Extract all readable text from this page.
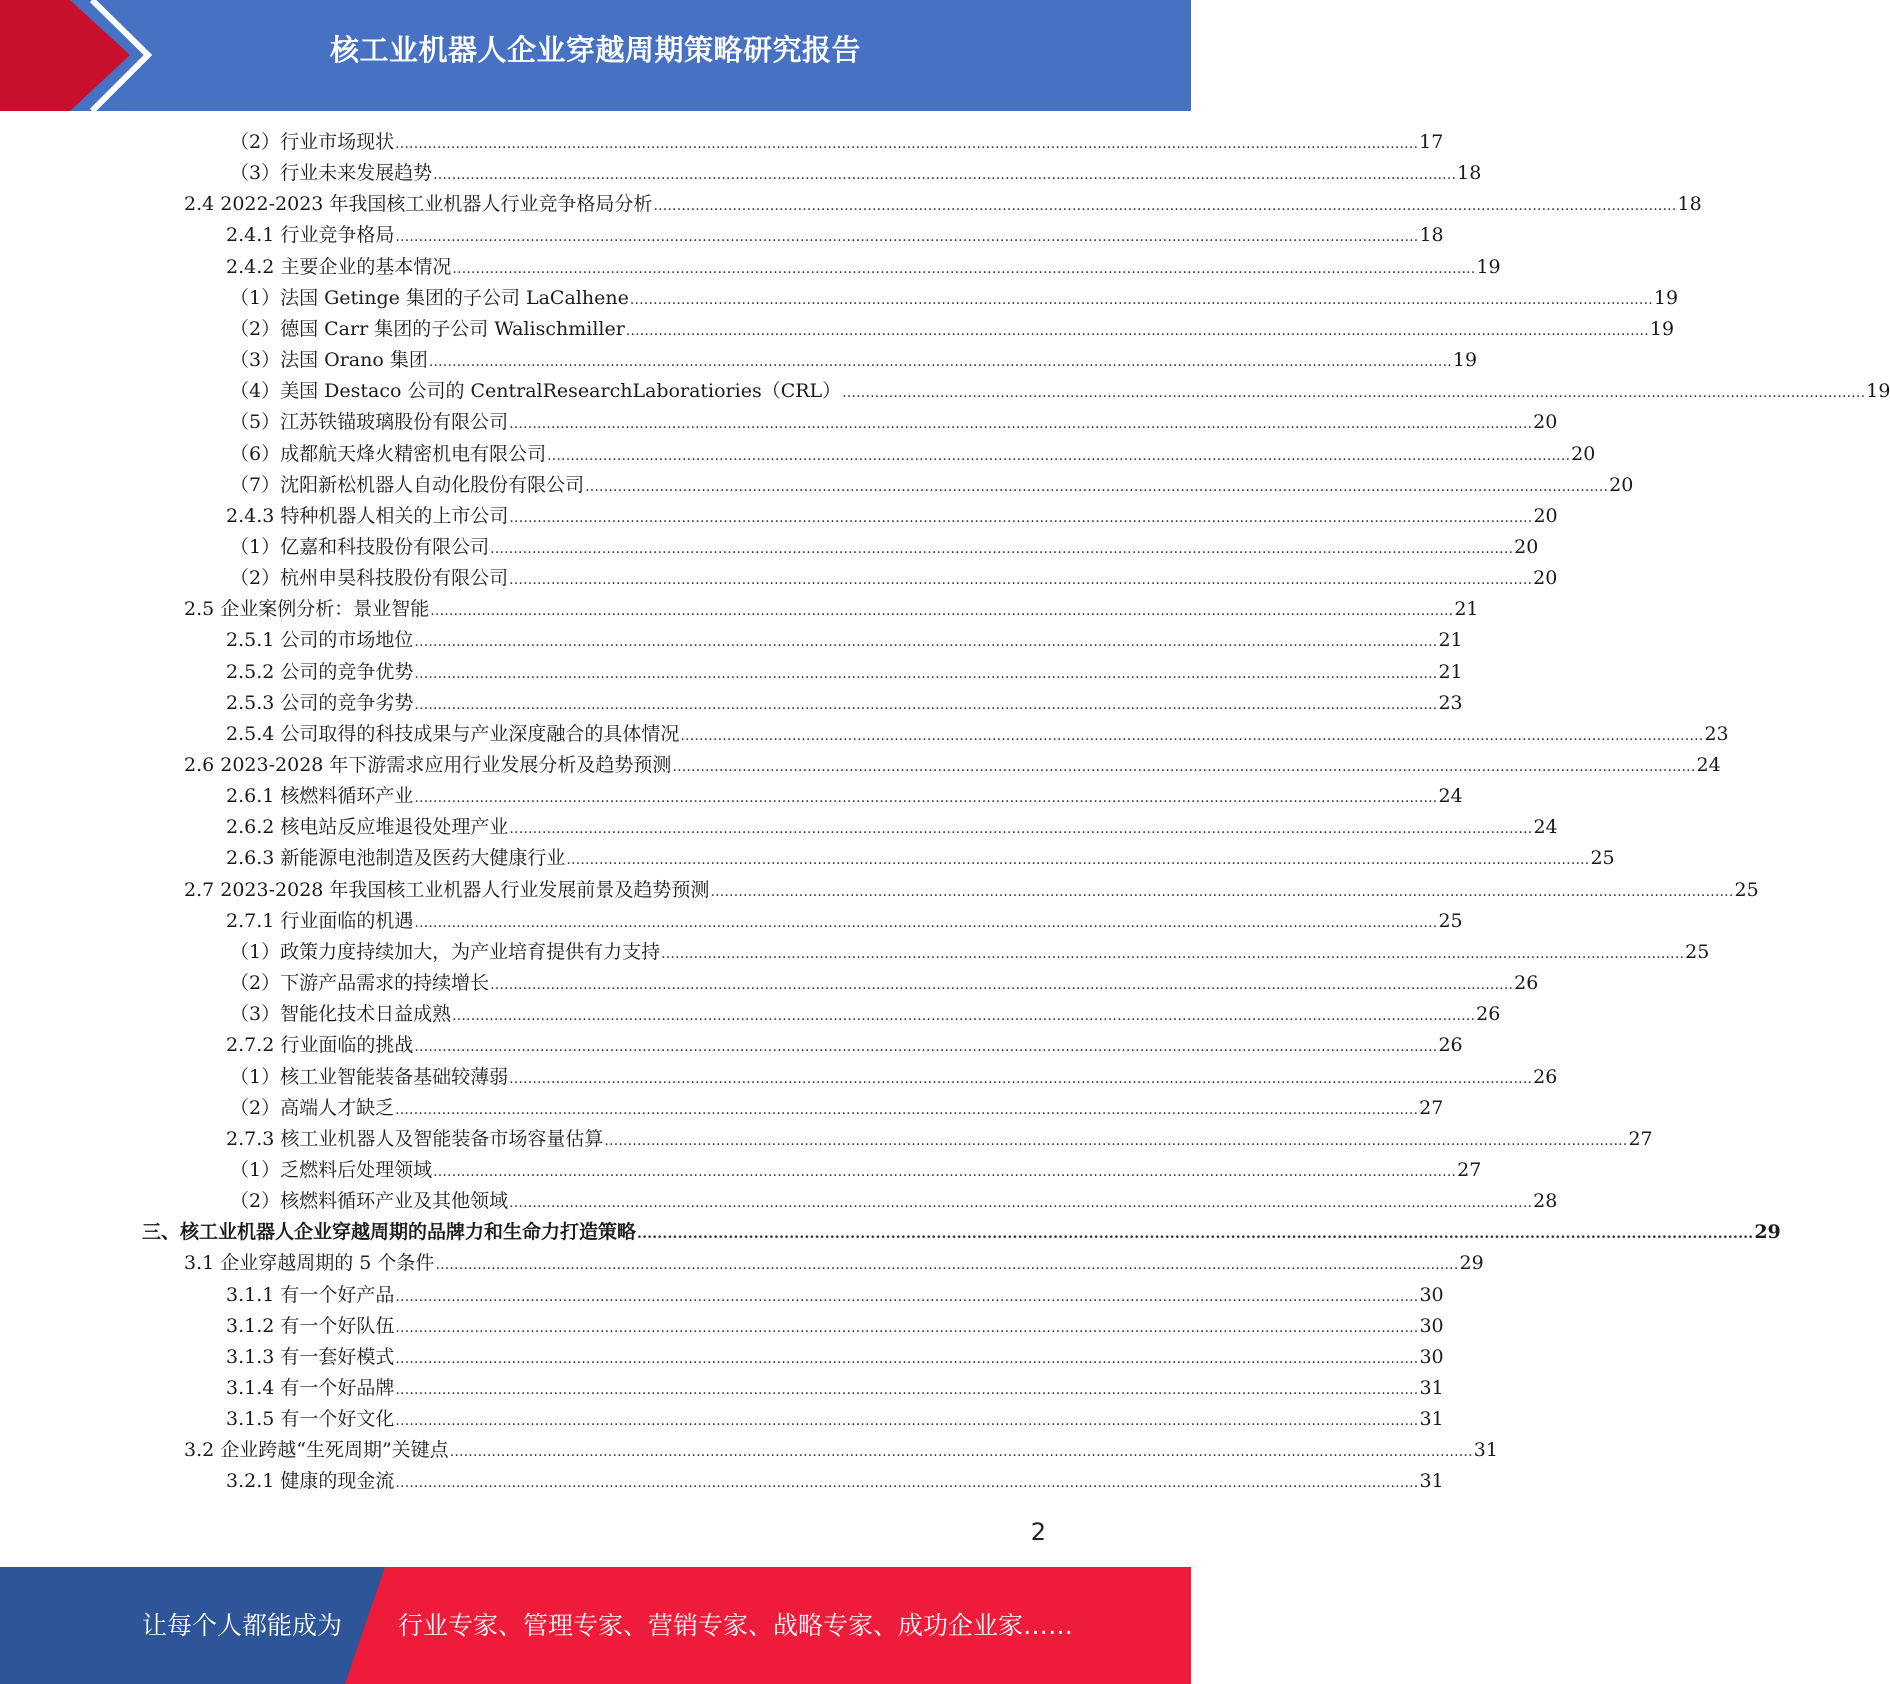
核工业机器人企业穿越周期策略研究报告
（2）行业市场现状 ............................................................................................................................................................................................................................ 17
（3）行业未来发展趋势 ............................................................................................................................................................................................................................ 18
2.4 2022-2023 年我国核工业机器人行业竞争格局分析 ............................................................................................................................................................................................................................ 18
2.4.1 行业竞争格局 ............................................................................................................................................................................................................................ 18
2.4.2 主要企业的基本情况 ............................................................................................................................................................................................................................ 19
（1）法国 Getinge 集团的子公司 LaCalhene ............................................................................................................................................................................................................................ 19
（2）德国 Carr 集团的子公司 Walischmiller ............................................................................................................................................................................................................................ 19
（3）法国 Orano 集团 ............................................................................................................................................................................................................................ 19
（4）美国 Destaco 公司的 CentralResearchLaboratiories（CRL） ............................................................................................................................................................................................................................ 19
（5）江苏铁锚玻璃股份有限公司 ............................................................................................................................................................................................................................ 20
（6）成都航天烽火精密机电有限公司 ............................................................................................................................................................................................................................ 20
（7）沈阳新松机器人自动化股份有限公司 ............................................................................................................................................................................................................................ 20
2.4.3 特种机器人相关的上市公司 ............................................................................................................................................................................................................................ 20
（1）亿嘉和科技股份有限公司 ............................................................................................................................................................................................................................ 20
（2）杭州申昊科技股份有限公司 ............................................................................................................................................................................................................................ 20
2.5 企业案例分析：景业智能 ............................................................................................................................................................................................................................ 21
2.5.1 公司的市场地位 ............................................................................................................................................................................................................................ 21
2.5.2 公司的竞争优势 ............................................................................................................................................................................................................................ 21
2.5.3 公司的竞争劣势 ............................................................................................................................................................................................................................ 23
2.5.4 公司取得的科技成果与产业深度融合的具体情况 ............................................................................................................................................................................................................................ 23
2.6 2023-2028 年下游需求应用行业发展分析及趋势预测 ............................................................................................................................................................................................................................ 24
2.6.1 核燃料循环产业 ............................................................................................................................................................................................................................ 24
2.6.2 核电站反应堆退役处理产业 ............................................................................................................................................................................................................................ 24
2.6.3 新能源电池制造及医药大健康行业 ............................................................................................................................................................................................................................ 25
2.7 2023-2028 年我国核工业机器人行业发展前景及趋势预测 ............................................................................................................................................................................................................................ 25
2.7.1 行业面临的机遇 ............................................................................................................................................................................................................................ 25
（1）政策力度持续加大，为产业培育提供有力支持 ............................................................................................................................................................................................................................ 25
（2）下游产品需求的持续增长 ............................................................................................................................................................................................................................ 26
（3）智能化技术日益成熟 ............................................................................................................................................................................................................................ 26
2.7.2 行业面临的挑战 ............................................................................................................................................................................................................................ 26
（1）核工业智能装备基础较薄弱 ............................................................................................................................................................................................................................ 26
（2）高端人才缺乏 ............................................................................................................................................................................................................................ 27
2.7.3 核工业机器人及智能装备市场容量估算 ............................................................................................................................................................................................................................ 27
（1）乏燃料后处理领域 ............................................................................................................................................................................................................................ 27
（2）核燃料循环产业及其他领域 ............................................................................................................................................................................................................................ 28
三、核工业机器人企业穿越周期的品牌力和生命力打造策略 ............................................................................................................................................................................................................................ 29
3.1 企业穿越周期的 5 个条件 ............................................................................................................................................................................................................................ 29
3.1.1 有一个好产品 ............................................................................................................................................................................................................................ 30
3.1.2 有一个好队伍 ............................................................................................................................................................................................................................ 30
3.1.3 有一套好模式 ............................................................................................................................................................................................................................ 30
3.1.4 有一个好品牌 ............................................................................................................................................................................................................................ 31
3.1.5 有一个好文化 ............................................................................................................................................................................................................................ 31
3.2 企业跨越“生死周期”关键点 ............................................................................................................................................................................................................................ 31
3.2.1 健康的现金流 ............................................................................................................................................................................................................................ 31
2
让每个人都能成为 行业专家、管理专家、营销专家、战略专家、成功企业家……
